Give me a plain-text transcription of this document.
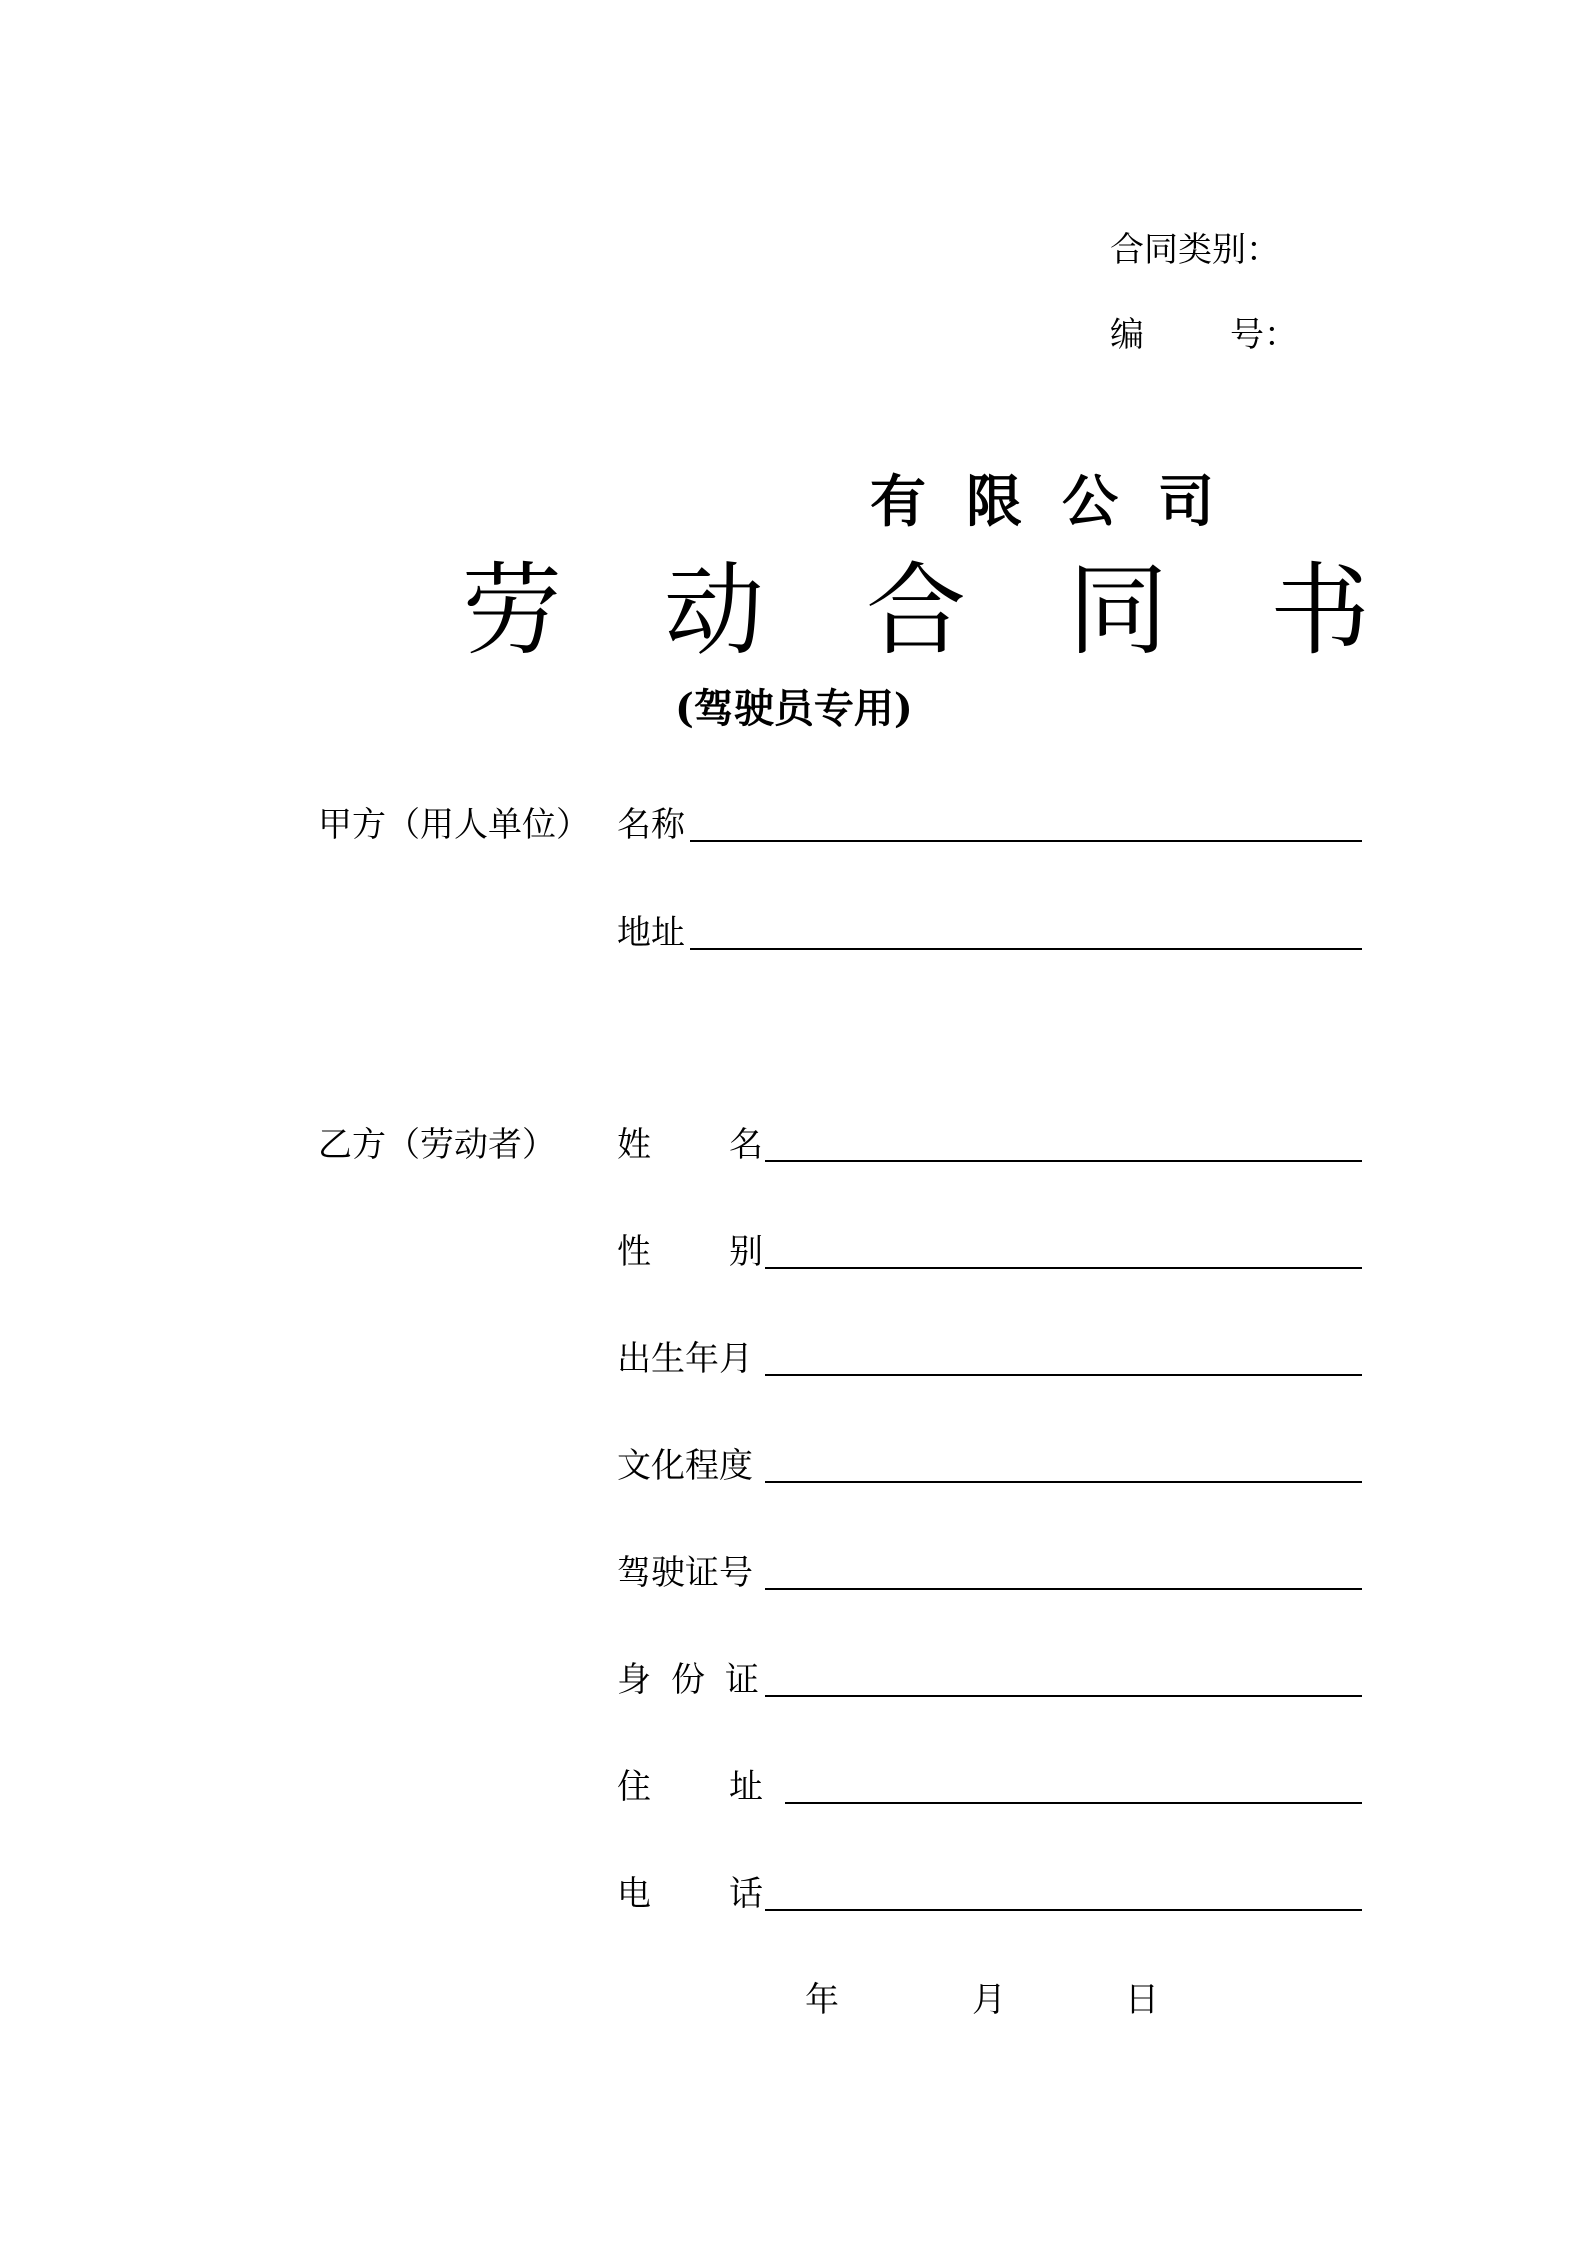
合同类别：
编	号：
有限公司
劳动合同书
(驾驶员专用)
甲方（用人单位） 名称
地址
乙方（劳动者） 姓 名
性 别
出生年月
文化程度
驾驶证号
身 份 证
住 址
电 话
年	月	日
